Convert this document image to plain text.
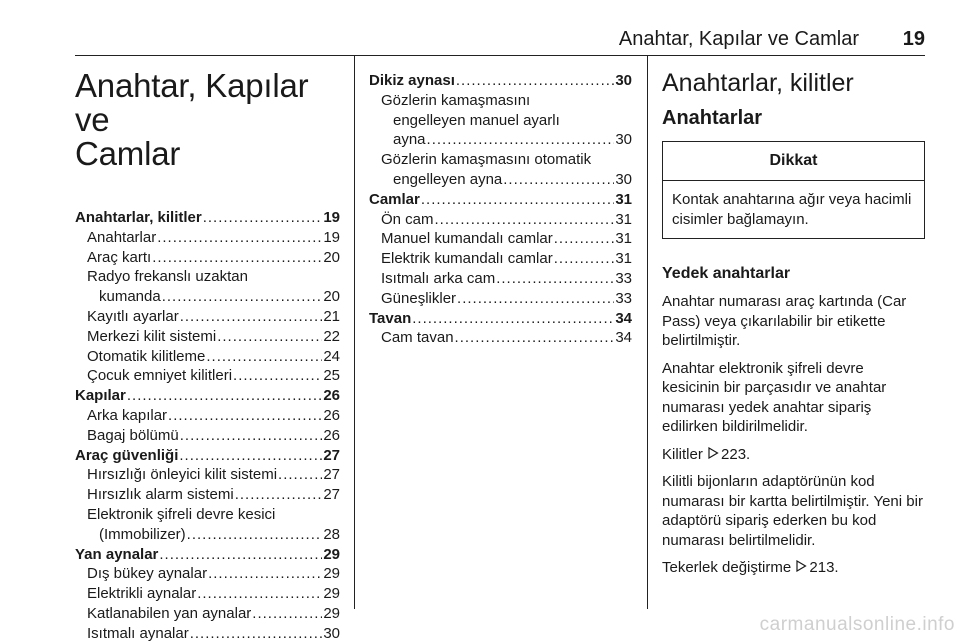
Anahtar, Kapılar ve Camlar 19
Anahtar, Kapılar ve
Camlar
Anahtarlar, kilitler .....	19
Anahtarlar .....	19
Araç kartı .....	20
Radyo frekanslı uzaktan
kumanda .....	20
Kayıtlı ayarlar .....	21
Merkezi kilit sistemi .....	22
Otomatik kilitleme .....	24
Çocuk emniyet kilitleri .....	25
Kapılar .....	26
Arka kapılar .....	26
Bagaj bölümü .....	26
Araç güvenliği .....	27
Hırsızlığı önleyici kilit sistemi .....	27
Hırsızlık alarm sistemi .....	27
Elektronik şifreli devre kesici
(Immobilizer) .....	28
Yan aynalar .....	29
Dış bükey aynalar .....	29
Elektrikli aynalar .....	29
Katlanabilen yan aynalar .....	29
Isıtmalı aynalar .....	30
Dikiz aynası .....	30
Gözlerin kamaşmasını
engelleyen manuel ayarlı
ayna .....	30
Gözlerin kamaşmasını otomatik
engelleyen ayna .....	30
Camlar .....	31
Ön cam .....	31
Manuel kumandalı camlar .....	31
Elektrik kumandalı camlar .....	31
Isıtmalı arka cam .....	33
Güneşlikler .....	33
Tavan .....	34
Cam tavan .....	34
Anahtarlar, kilitler
Anahtarlar
Dikkat
Kontak anahtarına ağır veya hacimli cisimler bağlamayın.
Yedek anahtarlar

Anahtar numarası araç kartında (Car Pass) veya çıkarılabilir bir etikette belirtilmiştir.

Anahtar elektronik şifreli devre kesicinin bir parçasıdır ve anahtar numarası yedek anahtar sipariş edilirken bildirilmelidir.

Kilitler 223.

Kilitli bijonların adaptörünün kod numarası bir kartta belirtilmiştir. Yeni bir adaptörü sipariş ederken bu kod numarası belirtilmelidir.

Tekerlek değiştirme 213.

carmanualsonline.info
